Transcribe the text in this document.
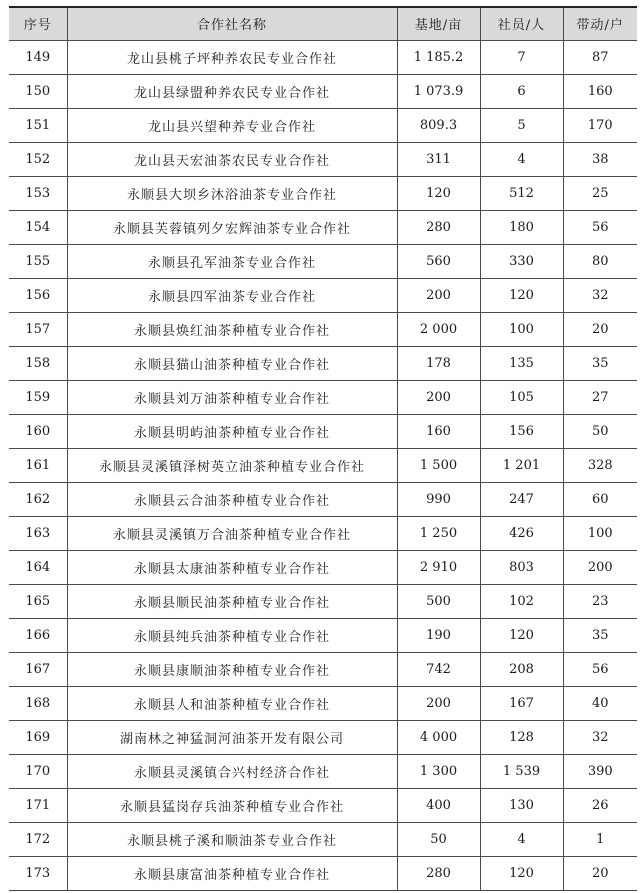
序号	合作社名称	基地/亩	社员/人	带动/户
149	龙山县桃子坪种养农民专业合作社	1 185.2	7	87
150	龙山县绿盟种养农民专业合作社	1 073.9	6	160
151	龙山县兴望种养专业合作社	809.3	5	170
152	龙山县天宏油茶农民专业合作社	311	4	38
153	永顺县大坝乡沐浴油茶专业合作社	120	512	25
154	永顺县芙蓉镇列夕宏辉油茶专业合作社	280	180	56
155	永顺县孔军油茶专业合作社	560	330	80
156	永顺县四军油茶专业合作社	200	120	32
157	永顺县焕红油茶种植专业合作社	2 000	100	20
158	永顺县猫山油茶种植专业合作社	178	135	35
159	永顺县刘万油茶种植专业合作社	200	105	27
160	永顺县明屿油茶种植专业合作社	160	156	50
161	永顺县灵溪镇泽树英立油茶种植专业合作社	1 500	1 201	328
162	永顺县云合油茶种植专业合作社	990	247	60
163	永顺县灵溪镇万合油茶种植专业合作社	1 250	426	100
164	永顺县太康油茶种植专业合作社	2 910	803	200
165	永顺县顺民油茶种植专业合作社	500	102	23
166	永顺县纯兵油茶种植专业合作社	190	120	35
167	永顺县康顺油茶种植专业合作社	742	208	56
168	永顺县人和油茶种植专业合作社	200	167	40
169	湖南林之神猛洞河油茶开发有限公司	4 000	128	32
170	永顺县灵溪镇合兴村经济合作社	1 300	1 539	390
171	永顺县猛岗存兵油茶种植专业合作社	400	130	26
172	永顺县桃子溪和顺油茶专业合作社	50	4	1
173	永顺县康富油茶种植专业合作社	280	120	20
